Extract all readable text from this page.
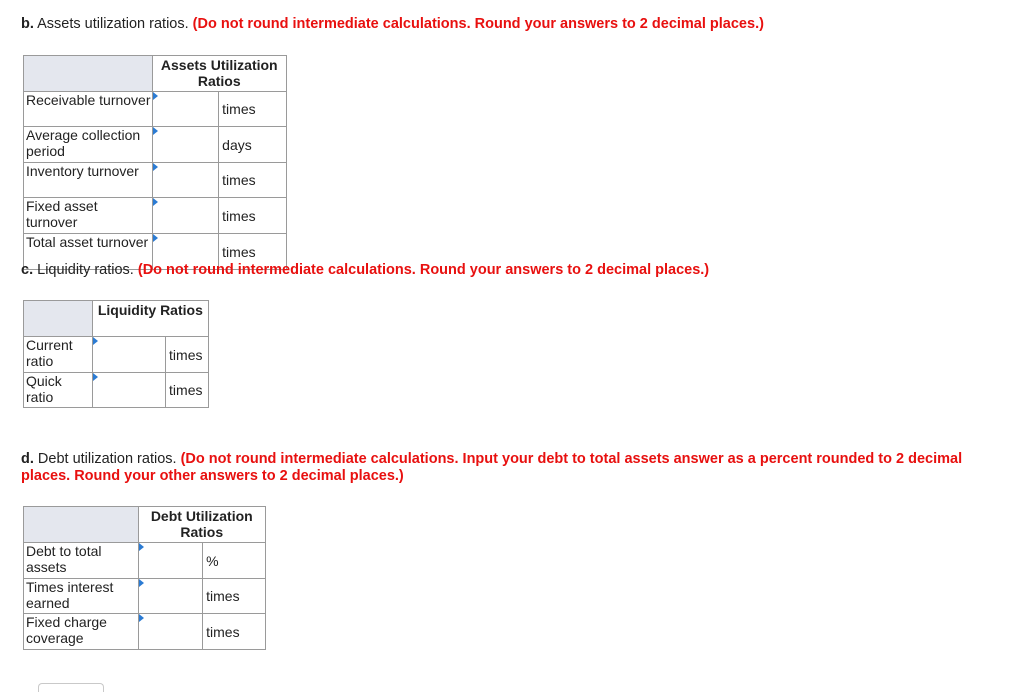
b. Assets utilization ratios. (Do not round intermediate calculations. Round your answers to 2 decimal places.)
	Assets Utilization Ratios	
Receivable turnover		times
Average collection period		days
Inventory turnover		times
Fixed asset turnover		times
Total asset turnover		times
c. Liquidity ratios. (Do not round intermediate calculations. Round your answers to 2 decimal places.)
	Liquidity Ratios	
Current ratio		times
Quick ratio		times
d. Debt utilization ratios. (Do not round intermediate calculations. Input your debt to total assets answer as a percent rounded to 2 decimal places. Round your other answers to 2 decimal places.)
	Debt Utilization Ratios	
Debt to total assets		%
Times interest earned		times
Fixed charge coverage		times
